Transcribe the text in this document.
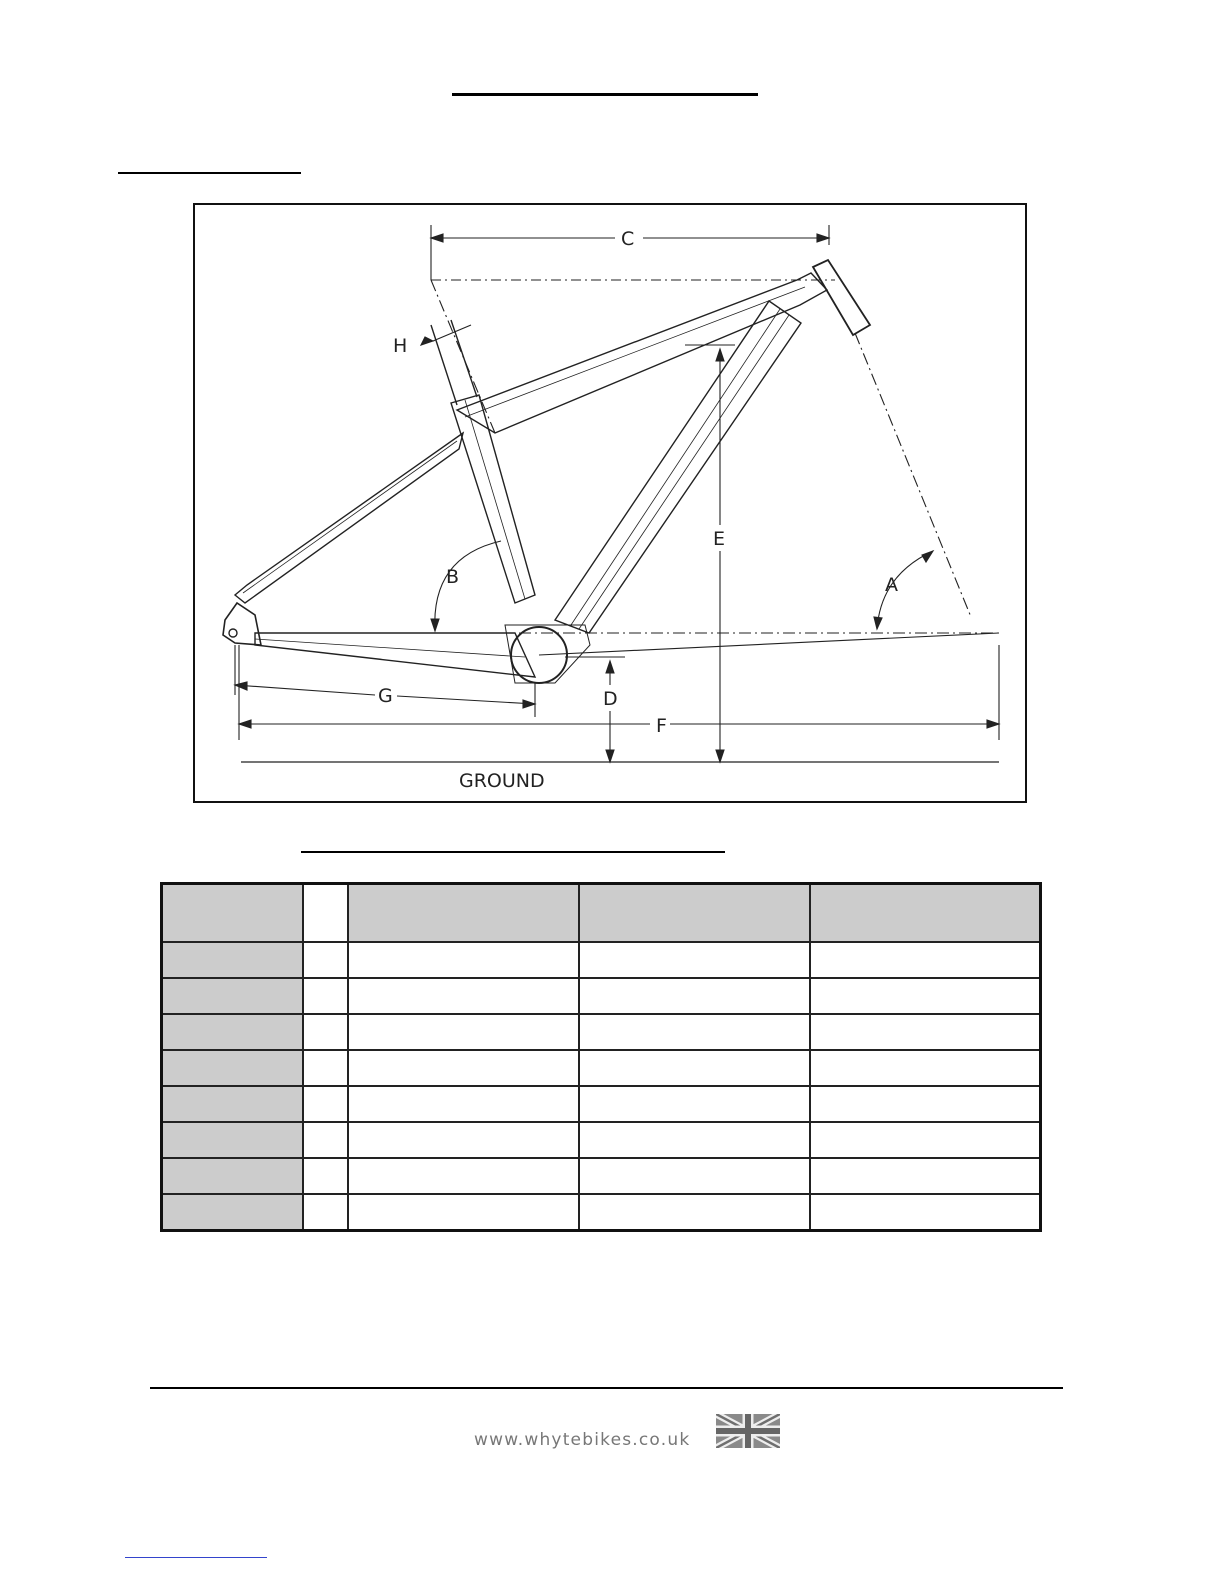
C
H
E
B	A
G	D
F
GROUND

www.whytebikes.co.uk
